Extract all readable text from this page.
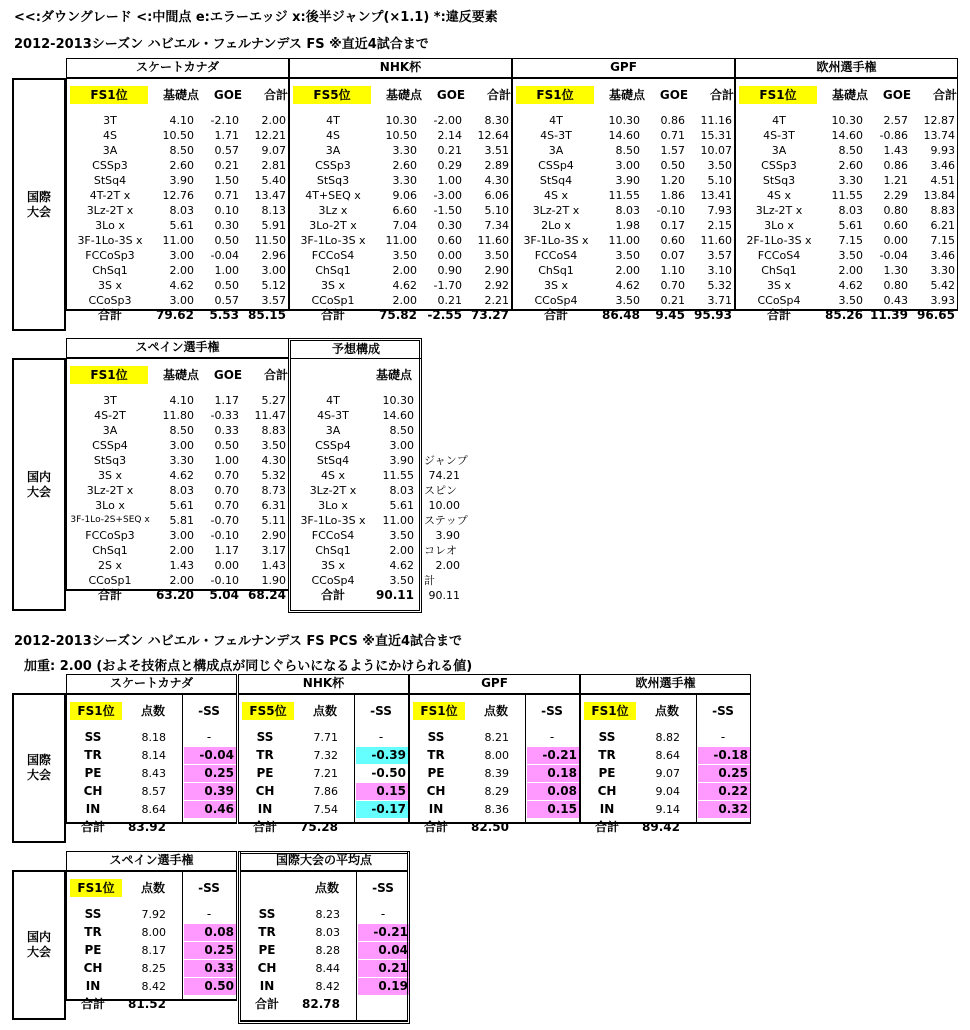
<<:ダウングレード <:中間点 e:エラーエッジ x:後半ジャンプ(×1.1) *:違反要素
2012-2013シーズン ハビエル・フェルナンデス FS ※直近4試合まで
国際
大会
スケートカナダ
FS1位	基礎点	GOE	合計
3T	4.10	-2.10	2.00
4S	10.50	1.71	12.21
3A	8.50	0.57	9.07
CSSp3	2.60	0.21	2.81
StSq4	3.90	1.50	5.40
4T-2T x	12.76	0.71	13.47
3Lz-2T x	8.03	0.10	8.13
3Lo x	5.61	0.30	5.91
3F-1Lo-3S x	11.00	0.50	11.50
FCCoSp3	3.00	-0.04	2.96
ChSq1	2.00	1.00	3.00
3S x	4.62	0.50	5.12
CCoSp3	3.00	0.57	3.57
合計	79.62	5.53 85.15
NHK杯
FS5位	基礎点	GOE	合計
4T	10.30	-2.00	8.30
4S	10.50	2.14	12.64
3A	3.30	0.21	3.51
CSSp3	2.60	0.29	2.89
StSq3	3.30	1.00	4.30
4T+SEQ x	9.06	-3.00	6.06
3Lz x	6.60	-1.50	5.10
3Lo-2T x	7.04	0.30	7.34
3F-1Lo-3S x	11.00	0.60	11.60
FCCoS4	3.50	0.00	3.50
ChSq1	2.00	0.90	2.90
3S x	4.62	-1.70	2.92
CCoSp1	2.00	0.21	2.21
合計	75.82 -2.55 73.27
GPF
FS1位	基礎点	GOE	合計
4T	10.30	0.86	11.16
4S-3T	14.60	0.71	15.31
3A	8.50	1.57	10.07
CSSp4	3.00	0.50	3.50
StSq4	3.90	1.20	5.10
4S x	11.55	1.86	13.41
3Lz-2T x	8.03	-0.10	7.93
2Lo x	1.98	0.17	2.15
3F-1Lo-3S x	11.00	0.60	11.60
FCCoS4	3.50	0.07	3.57
ChSq1	2.00	1.10	3.10
3S x	4.62	0.70	5.32
CCoSp4	3.50	0.21	3.71
合計	86.48	9.45 95.93
欧州選手権
FS1位	基礎点	GOE	合計
4T	10.30	2.57	12.87
4S-3T	14.60	-0.86	13.74
3A	8.50	1.43	9.93
CSSp3	2.60	0.86	3.46
StSq3	3.30	1.21	4.51
4S x	11.55	2.29	13.84
3Lz-2T x	8.03	0.80	8.83
3Lo x	5.61	0.60	6.21
2F-1Lo-3S x	7.15	0.00	7.15
FCCoS4	3.50	-0.04	3.46
ChSq1	2.00	1.30	3.30
3S x	4.62	0.80	5.42
CCoSp4	3.50	0.43	3.93
合計	85.26 11.39 96.65
国内
大会
スペイン選手権
FS1位	基礎点	GOE	合計
3T	4.10	1.17	5.27
4S-2T	11.80	-0.33	11.47
3A	8.50	0.33	8.83
CSSp4	3.00	0.50	3.50
StSq3	3.30	1.00	4.30
3S x	4.62	0.70	5.32
3Lz-2T x	8.03	0.70	8.73
3Lo x	5.61	0.70	6.31
3F-1Lo-2S+SEQ x	5.81	-0.70	5.11
FCCoSp3	3.00	-0.10	2.90
ChSq1	2.00	1.17	3.17
2S x	1.43	0.00	1.43
CCoSp1	2.00	-0.10	1.90
合計	63.20	5.04 68.24
予想構成
基礎点
4T	10.30
4S-3T	14.60
3A	8.50
CSSp4	3.00
StSq4	3.90
4S x	11.55
3Lz-2T x	8.03
3Lo x	5.61
3F-1Lo-3S x	11.00
FCCoS4	3.50
ChSq1	2.00
3S x	4.62
CCoSp4	3.50
合計	90.11
ジャンプ
74.21
スピン
10.00
ステップ
3.90
コレオ
2.00
計
90.11
2012-2013シーズン ハビエル・フェルナンデス FS PCS ※直近4試合まで
加重: 2.00 (およそ技術点と構成点が同じぐらいになるようにかけられる値)
国際
大会
スケートカナダ
FS1位	点数	-SS
SS	8.18	-
TR	8.14	-0.04
PE	8.43	0.25
CH	8.57	0.39
IN	8.64	0.46
合計	83.92
NHK杯
FS5位	点数	-SS
SS	7.71	-
TR	7.32	-0.39
PE	7.21	-0.50
CH	7.86	0.15
IN	7.54	-0.17
合計	75.28
GPF
FS1位	点数	-SS
SS	8.21	-
TR	8.00	-0.21
PE	8.39	0.18
CH	8.29	0.08
IN	8.36	0.15
合計	82.50
欧州選手権
FS1位	点数	-SS
SS	8.82	-
TR	8.64	-0.18
PE	9.07	0.25
CH	9.04	0.22
IN	9.14	0.32
合計	89.42
国内
大会
スペイン選手権
FS1位	点数	-SS
SS	7.92	-
TR	8.00	0.08
PE	8.17	0.25
CH	8.25	0.33
IN	8.42	0.50
合計	81.52
国際大会の平均点
点数	-SS
SS	8.23	-
TR	8.03	-0.21
PE	8.28	0.04
CH	8.44	0.21
IN	8.42	0.19
合計	82.78
